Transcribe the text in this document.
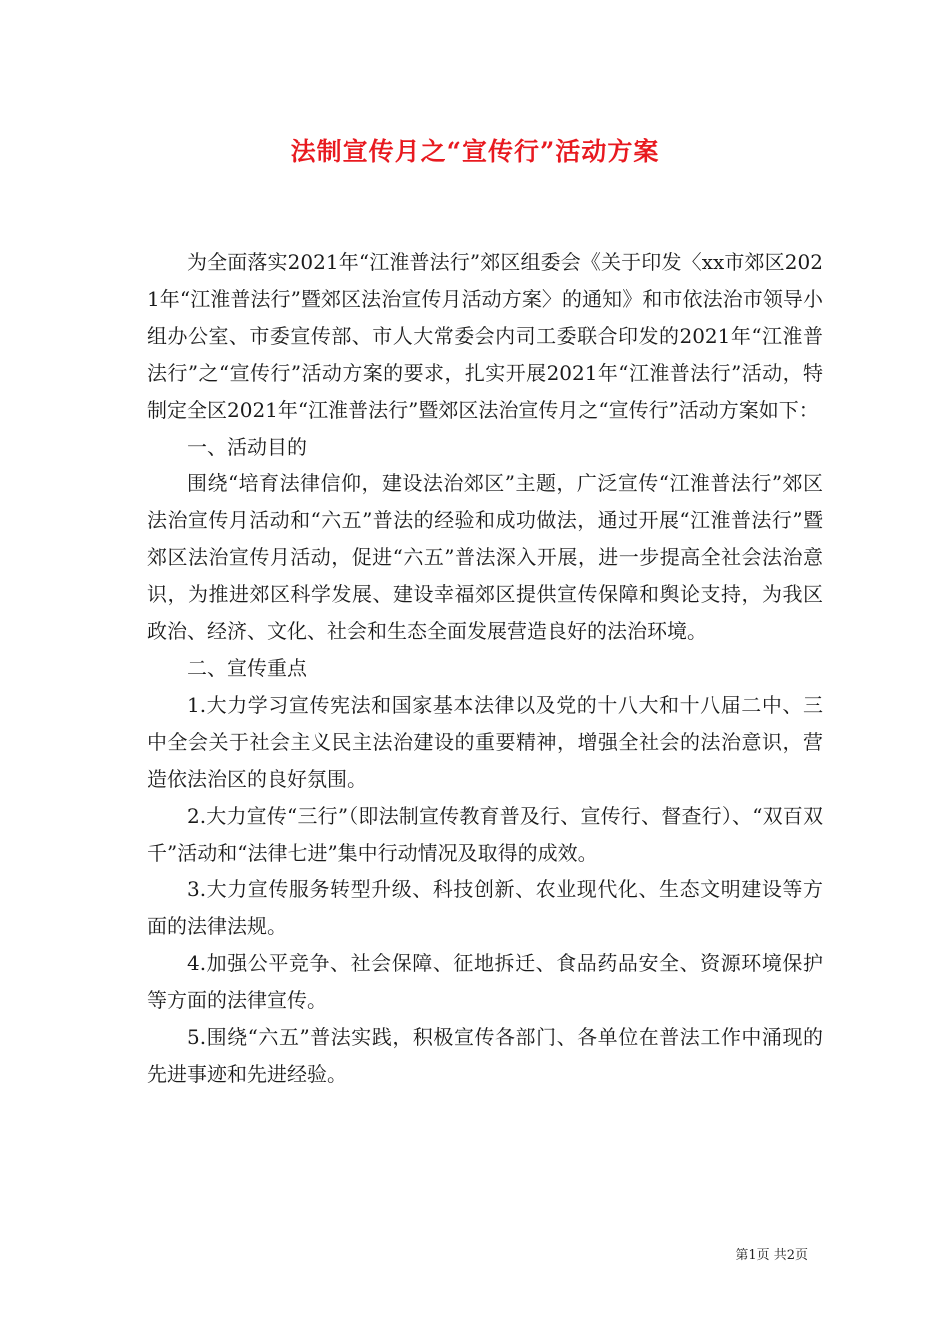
法制宣传月之“宣传行”活动方案

为全面落实2021年“江淮普法行”郊区组委会《关于印发〈xx市郊区2021年“江淮普法行”暨郊区法治宣传月活动方案〉的通知》和市依法治市领导小组办公室、市委宣传部、市人大常委会内司工委联合印发的2021年“江淮普法行”之“宣传行”活动方案的要求，扎实开展2021年“江淮普法行”活动，特制定全区2021年“江淮普法行”暨郊区法治宣传月之“宣传行”活动方案如下：

一、活动目的

围绕“培育法律信仰，建设法治郊区”主题，广泛宣传“江淮普法行”郊区法治宣传月活动和“六五”普法的经验和成功做法，通过开展“江淮普法行”暨郊区法治宣传月活动，促进“六五”普法深入开展，进一步提高全社会法治意识，为推进郊区科学发展、建设幸福郊区提供宣传保障和舆论支持，为我区政治、经济、文化、社会和生态全面发展营造良好的法治环境。

二、宣传重点

1.大力学习宣传宪法和国家基本法律以及党的十八大和十八届二中、三中全会关于社会主义民主法治建设的重要精神，增强全社会的法治意识，营造依法治区的良好氛围。

2.大力宣传“三行”（即法制宣传教育普及行、宣传行、督查行）、“双百双千”活动和“法律七进”集中行动情况及取得的成效。

3.大力宣传服务转型升级、科技创新、农业现代化、生态文明建设等方面的法律法规。

4.加强公平竞争、社会保障、征地拆迁、食品药品安全、资源环境保护等方面的法律宣传。

5.围绕“六五”普法实践，积极宣传各部门、各单位在普法工作中涌现的先进事迹和先进经验。

第1页 共2页
